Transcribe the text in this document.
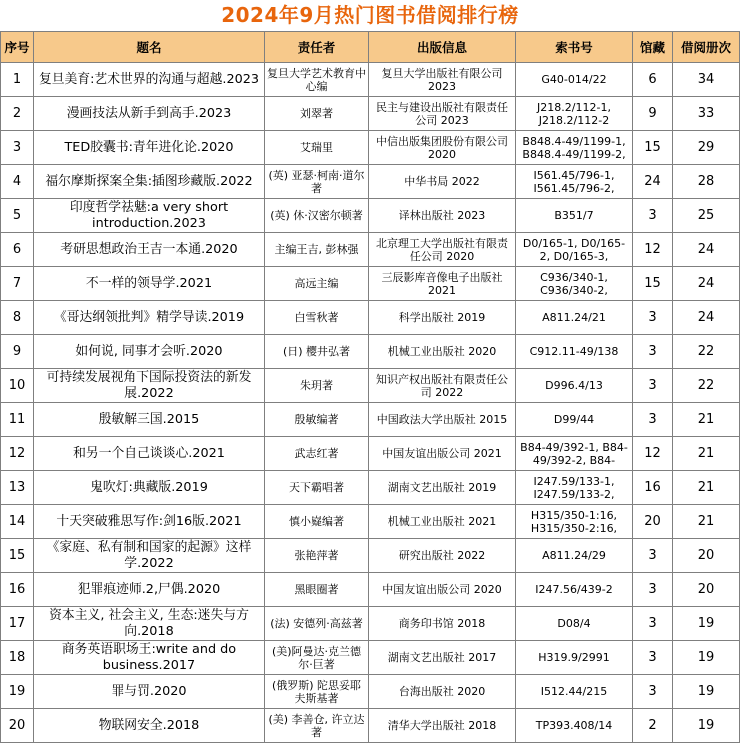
2024年9月热门图书借阅排行榜
序号	题名	责任者	出版信息	索书号	馆藏	借阅册次
1	复旦美育:艺术世界的沟通与超越.2023	复旦大学艺术教育中心编	复旦大学出版社有限公司 2023	G40-014/22	6	34
2	漫画技法从新手到高手.2023	刘翠著	民主与建设出版社有限责任公司 2023	J218.2/112-1, J218.2/112-2	9	33
3	TED胶囊书:青年进化论.2020	艾瑞里	中信出版集团股份有限公司 2020	B848.4-49/1199-1, B848.4-49/1199-2,	15	29
4	福尔摩斯探案全集:插图珍藏版.2022	(英) 亚瑟·柯南·道尔著	中华书局 2022	I561.45/796-1, I561.45/796-2,	24	28
5	印度哲学祛魅:a very short introduction.2023	(英) 休·汉密尔顿著	译林出版社 2023	B351/7	3	25
6	考研思想政治王吉一本通.2020	主编王吉, 彭林强	北京理工大学出版社有限责任公司 2020	D0/165-1, D0/165-2, D0/165-3,	12	24
7	不一样的领导学.2021	高远主编	三辰影库音像电子出版社 2021	C936/340-1, C936/340-2,	15	24
8	《哥达纲领批判》精学导读.2019	白雪秋著	科学出版社 2019	A811.24/21	3	24
9	如何说, 同事才会听.2020	(日) 樱井弘著	机械工业出版社 2020	C912.11-49/138	3	22
10	可持续发展视角下国际投资法的新发展.2022	朱玥著	知识产权出版社有限责任公司 2022	D996.4/13	3	22
11	殷敏解三国.2015	殷敏编著	中国政法大学出版社 2015	D99/44	3	21
12	和另一个自己谈谈心.2021	武志红著	中国友谊出版公司 2021	B84-49/392-1, B84-49/392-2, B84-	12	21
13	鬼吹灯:典藏版.2019	天下霸唱著	湖南文艺出版社 2019	I247.59/133-1, I247.59/133-2,	16	21
14	十天突破雅思写作:剑16版.2021	慎小嶷编著	机械工业出版社 2021	H315/350-1:16, H315/350-2:16,	20	21
15	《家庭、私有制和国家的起源》这样学.2022	张艳萍著	研究出版社 2022	A811.24/29	3	20
16	犯罪痕迹师.2,尸偶.2020	黑眼圈著	中国友谊出版公司 2020	I247.56/439-2	3	20
17	资本主义, 社会主义, 生态:迷失与方向.2018	(法) 安德列·高兹著	商务印书馆 2018	D08/4	3	19
18	商务英语职场王:write and do business.2017	(美)阿曼达·克兰德尔·巨著	湖南文艺出版社 2017	H319.9/2991	3	19
19	罪与罚.2020	(俄罗斯) 陀思妥耶夫斯基著	台海出版社 2020	I512.44/215	3	19
20	物联网安全.2018	(美) 李善仓, 许立达著	清华大学出版社 2018	TP393.408/14	2	19
